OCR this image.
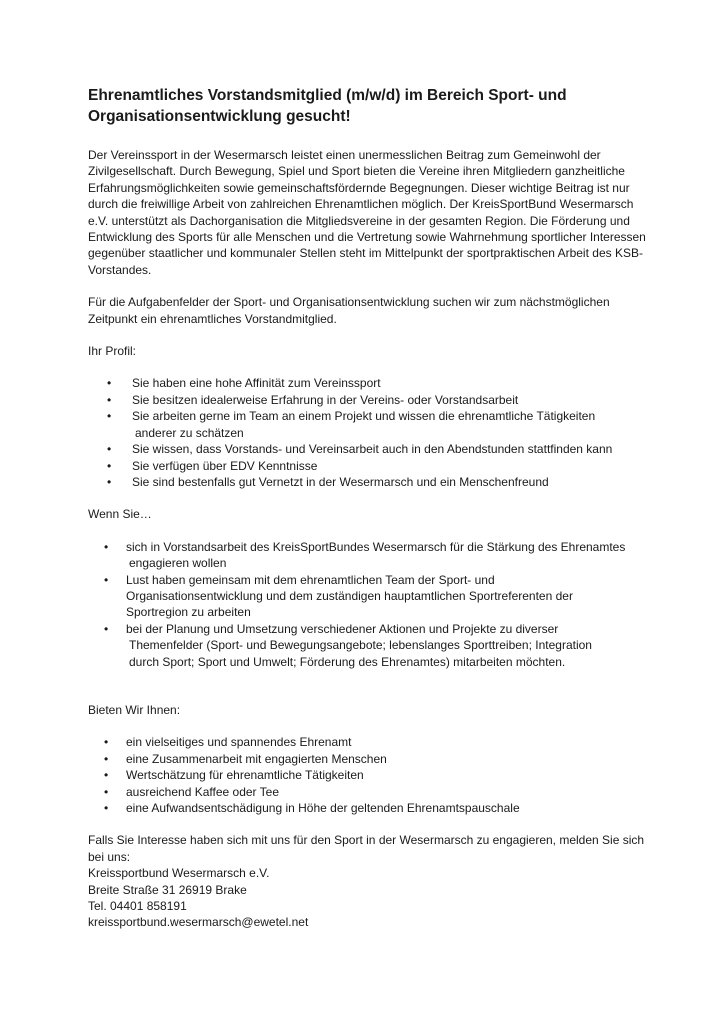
Ehrenamtliches Vorstandsmitglied (m/w/d) im Bereich Sport- und Organisationsentwicklung gesucht!

Der Vereinssport in der Wesermarsch leistet einen unermesslichen Beitrag zum Gemeinwohl der Zivilgesellschaft. Durch Bewegung, Spiel und Sport bieten die Vereine ihren Mitgliedern ganzheitliche Erfahrungsmöglichkeiten sowie gemeinschaftsfördernde Begegnungen. Dieser wichtige Beitrag ist nur durch die freiwillige Arbeit von zahlreichen Ehrenamtlichen möglich. Der KreisSportBund Wesermarsch e.V. unterstützt als Dachorganisation die Mitgliedsvereine in der gesamten Region. Die Förderung und Entwicklung des Sports für alle Menschen und die Vertretung sowie Wahrnehmung sportlicher Interessen gegenüber staatlicher und kommunaler Stellen steht im Mittelpunkt der sportpraktischen Arbeit des KSB-Vorstandes.

Für die Aufgabenfelder der Sport- und Organisationsentwicklung suchen wir zum nächstmöglichen Zeitpunkt ein ehrenamtliches Vorstandmitglied.

Ihr Profil:

• Sie haben eine hohe Affinität zum Vereinssport
• Sie besitzen idealerweise Erfahrung in der Vereins- oder Vorstandsarbeit
• Sie arbeiten gerne im Team an einem Projekt und wissen die ehrenamtliche Tätigkeiten
anderer zu schätzen
• Sie wissen, dass Vorstands- und Vereinsarbeit auch in den Abendstunden stattfinden kann
• Sie verfügen über EDV Kenntnisse
• Sie sind bestenfalls gut Vernetzt in der Wesermarsch und ein Menschenfreund

Wenn Sie…

• sich in Vorstandsarbeit des KreisSportBundes Wesermarsch für die Stärkung des Ehrenamtes
engagieren wollen
• Lust haben gemeinsam mit dem ehrenamtlichen Team der Sport- und
Organisationsentwicklung und dem zuständigen hauptamtlichen Sportreferenten der
Sportregion zu arbeiten
• bei der Planung und Umsetzung verschiedener Aktionen und Projekte zu diverser
Themenfelder (Sport- und Bewegungsangebote; lebenslanges Sporttreiben; Integration
durch Sport; Sport und Umwelt; Förderung des Ehrenamtes) mitarbeiten möchten.

Bieten Wir Ihnen:

• ein vielseitiges und spannendes Ehrenamt
• eine Zusammenarbeit mit engagierten Menschen
• Wertschätzung für ehrenamtliche Tätigkeiten
• ausreichend Kaffee oder Tee
• eine Aufwandsentschädigung in Höhe der geltenden Ehrenamtspauschale

Falls Sie Interesse haben sich mit uns für den Sport in der Wesermarsch zu engagieren, melden Sie sich bei uns:

Kreissportbund Wesermarsch e.V.

Breite Straße 31 26919 Brake

Tel. 04401 858191

kreissportbund.wesermarsch@ewetel.net
